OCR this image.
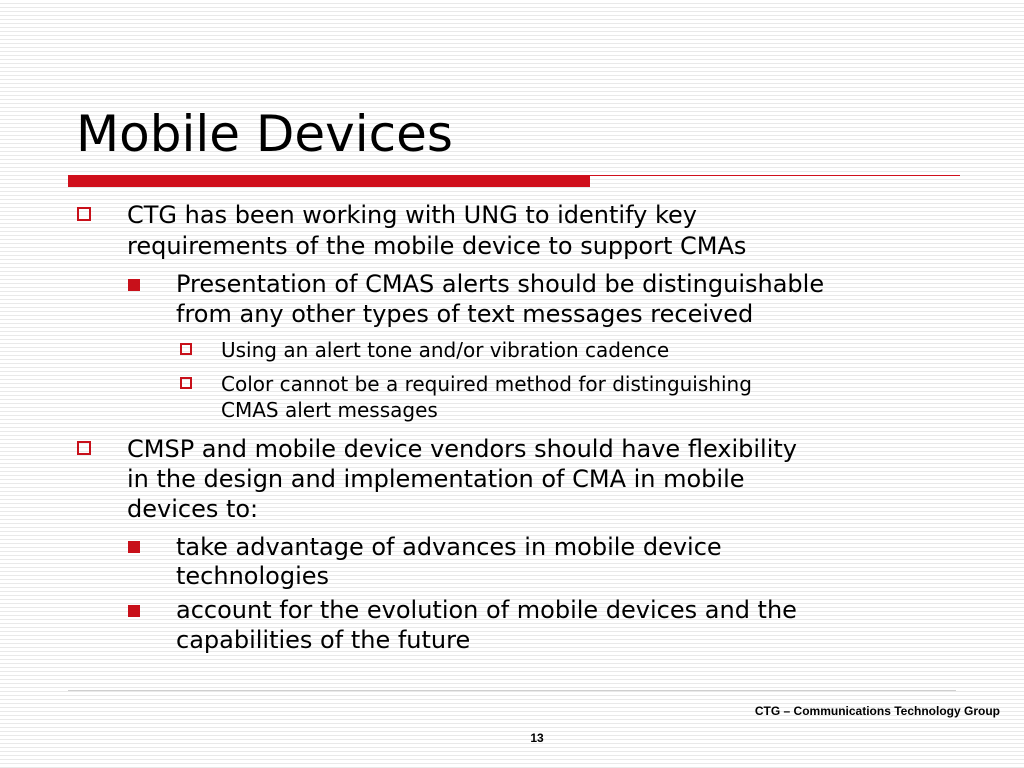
Mobile Devices
CTG has been working with UNG to identify key
requirements of the mobile device to support CMAs
Presentation of CMAS alerts should be distinguishable
from any other types of text messages received
Using an alert tone and/or vibration cadence
Color cannot be a required method for distinguishing
CMAS alert messages
CMSP and mobile device vendors should have flexibility
in the design and implementation of CMA in mobile
devices to:
take advantage of advances in mobile device
technologies
account for the evolution of mobile devices and the
capabilities of the future
CTG – Communications Technology Group
13
